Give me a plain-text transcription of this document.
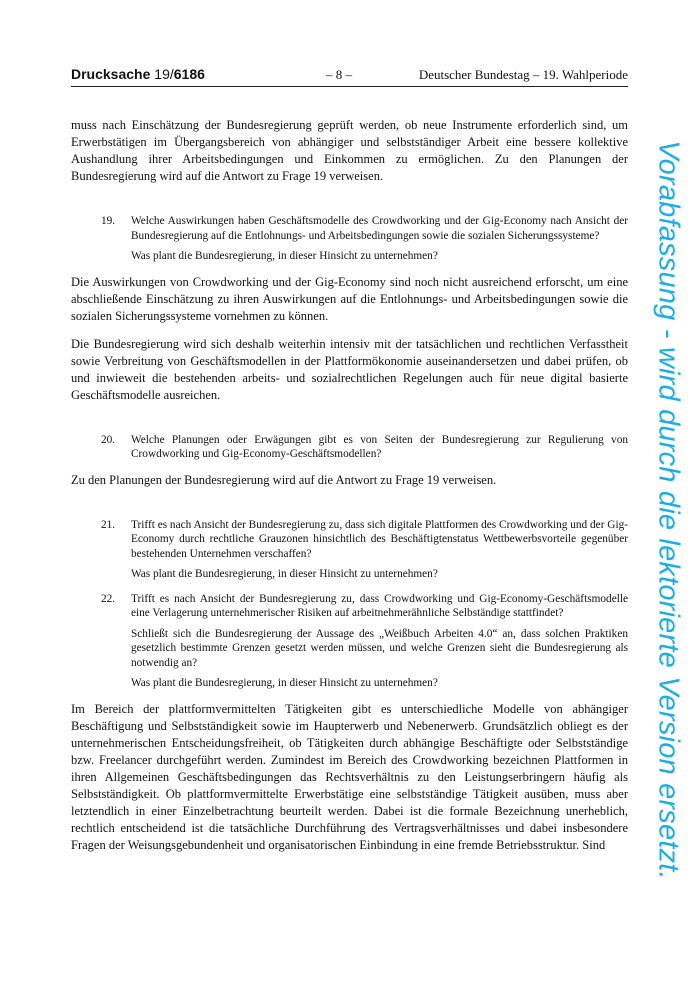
Drucksache 19/6186	– 8 –	Deutscher Bundestag – 19. Wahlperiode

muss nach Einschätzung der Bundesregierung geprüft werden, ob neue Instrumente erforderlich sind, um Erwerbstätigen im Übergangsbereich von abhängiger und selbstständiger Arbeit eine bessere kollektive Aushandlung ihrer Arbeitsbedingungen und Einkommen zu ermöglichen. Zu den Planungen der Bundesregierung wird auf die Antwort zu Frage 19 verweisen.

19.	Welche Auswirkungen haben Geschäftsmodelle des Crowdworking und der Gig-Economy nach Ansicht der Bundesregierung auf die Entlohnungs- und Arbeitsbedingungen sowie die sozialen Sicherungssysteme?
Was plant die Bundesregierung, in dieser Hinsicht zu unternehmen?

Die Auswirkungen von Crowdworking und der Gig-Economy sind noch nicht ausreichend erforscht, um eine abschließende Einschätzung zu ihren Auswirkungen auf die Entlohnungs- und Arbeitsbedingungen sowie die sozialen Sicherungssysteme vornehmen zu können.

Die Bundesregierung wird sich deshalb weiterhin intensiv mit der tatsächlichen und rechtlichen Verfasstheit sowie Verbreitung von Geschäftsmodellen in der Plattformökonomie auseinandersetzen und dabei prüfen, ob und inwieweit die bestehenden arbeits- und sozialrechtlichen Regelungen auch für neue digital basierte Geschäftsmodelle ausreichen.

20.	Welche Planungen oder Erwägungen gibt es von Seiten der Bundesregierung zur Regulierung von Crowdworking und Gig-Economy-Geschäftsmodellen?

Zu den Planungen der Bundesregierung wird auf die Antwort zu Frage 19 verweisen.

21.	Trifft es nach Ansicht der Bundesregierung zu, dass sich digitale Plattformen des Crowdworking und der Gig-Economy durch rechtliche Grauzonen hinsichtlich des Beschäftigtenstatus Wettbewerbsvorteile gegenüber bestehenden Unternehmen verschaffen?
Was plant die Bundesregierung, in dieser Hinsicht zu unternehmen?
22.	Trifft es nach Ansicht der Bundesregierung zu, dass Crowdworking und Gig-Economy-Geschäftsmodelle eine Verlagerung unternehmerischer Risiken auf arbeitnehmerähnliche Selbständige stattfindet?
Schließt sich die Bundesregierung der Aussage des „Weißbuch Arbeiten 4.0“ an, dass solchen Praktiken gesetzlich bestimmte Grenzen gesetzt werden müssen, und welche Grenzen sieht die Bundesregierung als notwendig an?
Was plant die Bundesregierung, in dieser Hinsicht zu unternehmen?

Im Bereich der plattformvermittelten Tätigkeiten gibt es unterschiedliche Modelle von abhängiger Beschäftigung und Selbstständigkeit sowie im Haupterwerb und Nebenerwerb. Grundsätzlich obliegt es der unternehmerischen Entscheidungsfreiheit, ob Tätigkeiten durch abhängige Beschäftigte oder Selbstständige bzw. Freelancer durchgeführt werden. Zumindest im Bereich des Crowdworking bezeichnen Plattformen in ihren Allgemeinen Geschäftsbedingungen das Rechtsverhältnis zu den Leistungserbringern häufig als Selbstständigkeit. Ob plattformvermittelte Erwerbstätige eine selbstständige Tätigkeit ausüben, muss aber letztendlich in einer Einzelbetrachtung beurteilt werden. Dabei ist die formale Bezeichnung unerheblich, rechtlich entscheidend ist die tatsächliche Durchführung des Vertragsverhältnisses und dabei insbesondere Fragen der Weisungsgebundenheit und organisatorischen Einbindung in eine fremde Betriebsstruktur. Sind	Vorabfassung - wird durch die lektorierte Version ersetzt.
